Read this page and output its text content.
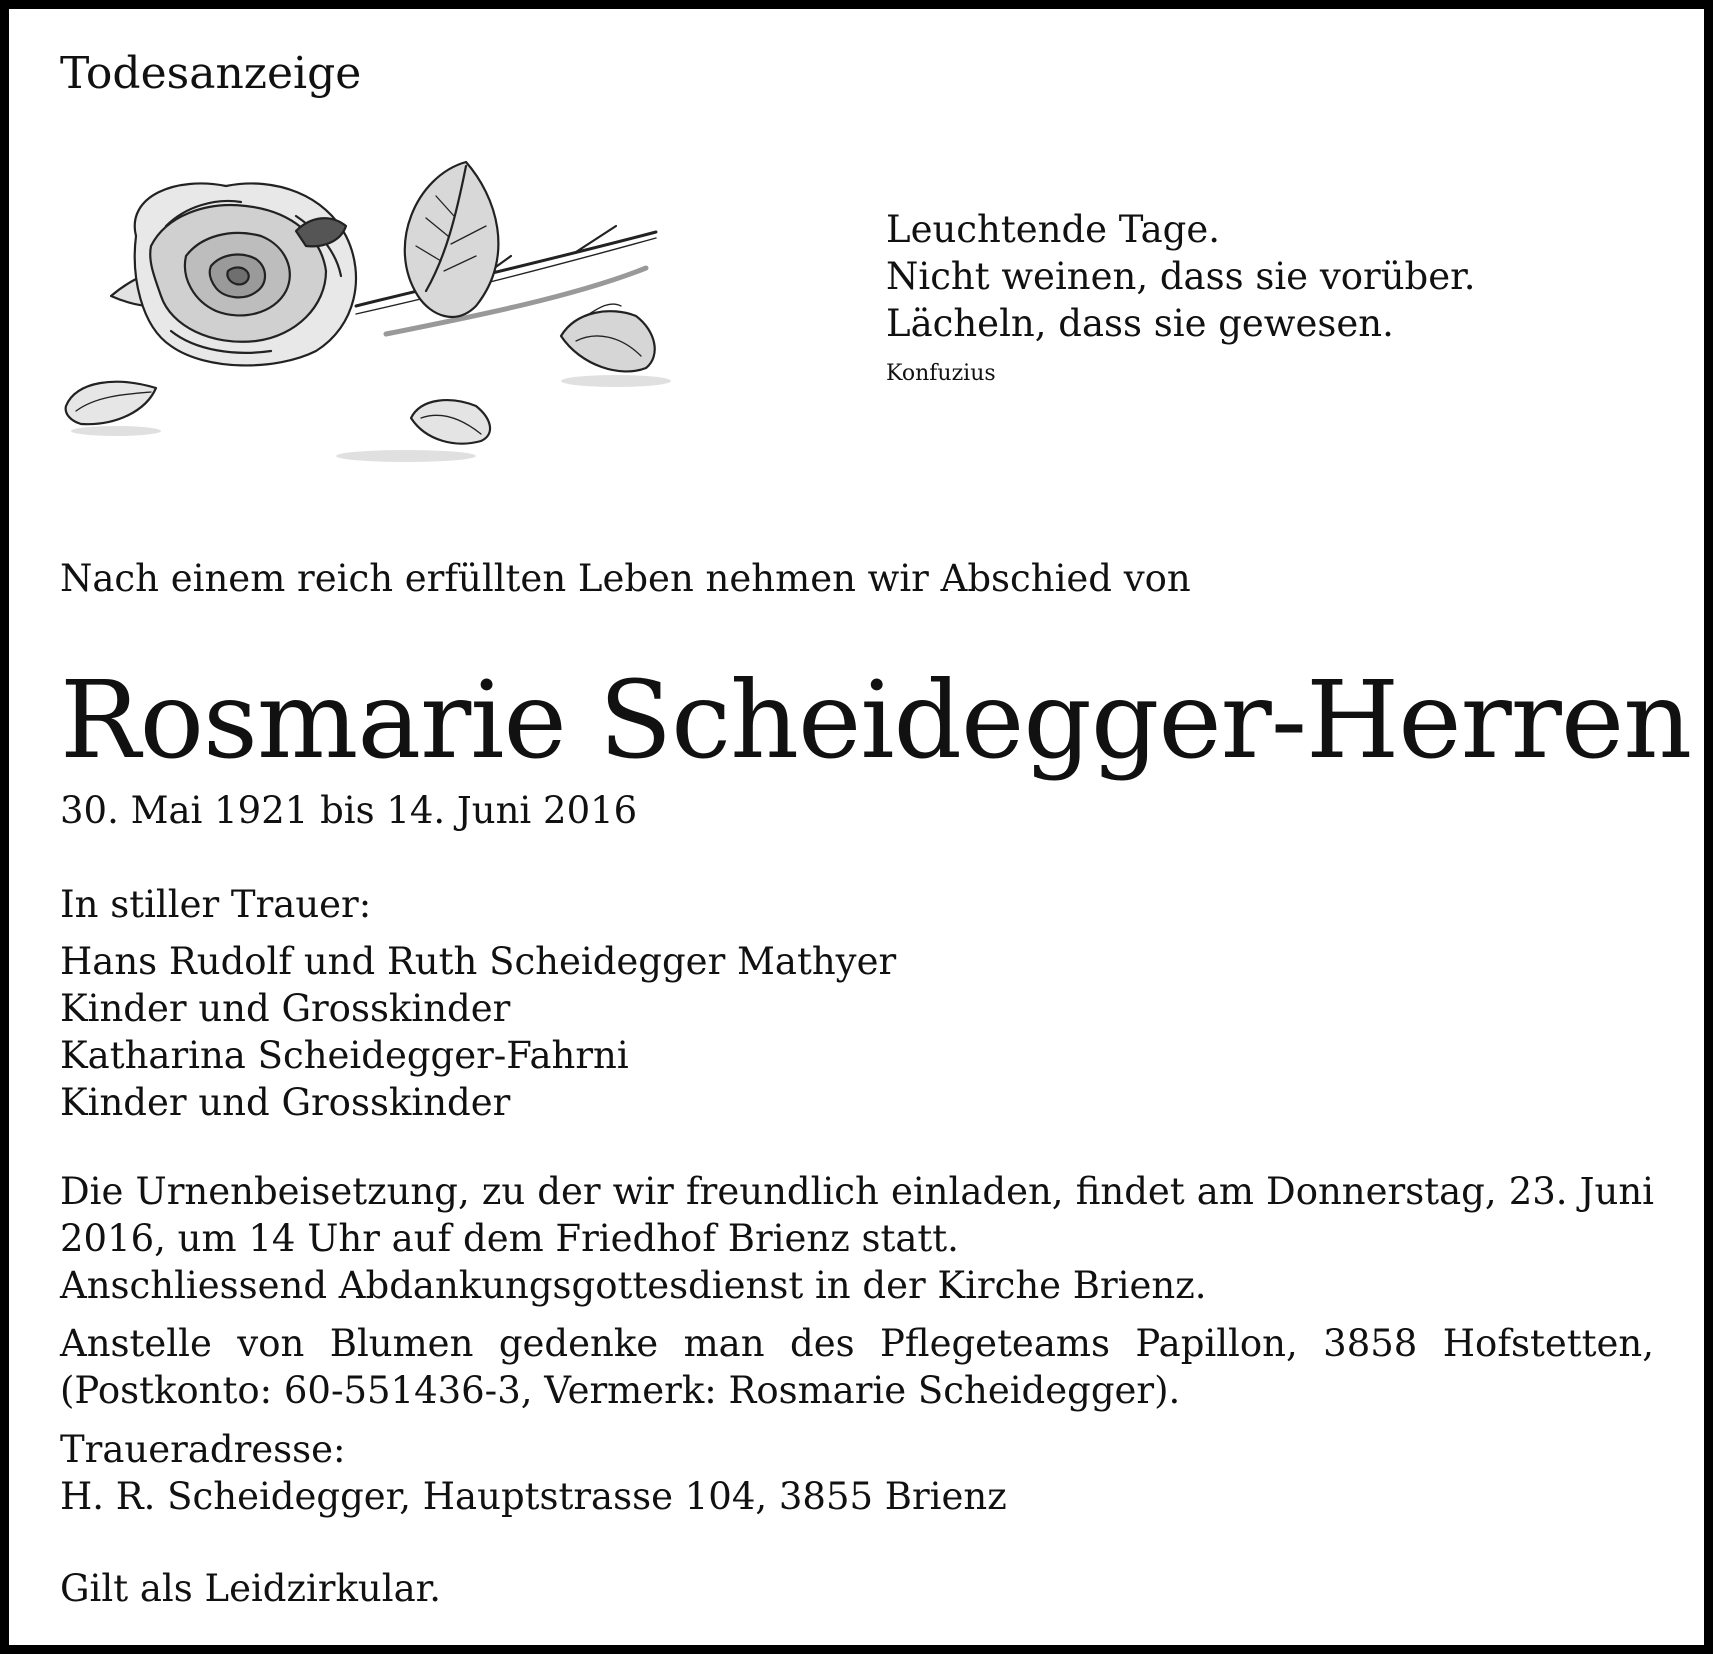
Todesanzeige
Leuchtende Tage.
Nicht weinen, dass sie vorüber.
Lächeln, dass sie gewesen.
Konfuzius
Nach einem reich erfüllten Leben nehmen wir Abschied von
Rosmarie Scheidegger-Herren
30. Mai 1921 bis 14. Juni 2016
In stiller Trauer:
Hans Rudolf und Ruth Scheidegger Mathyer
Kinder und Grosskinder
Katharina Scheidegger-Fahrni
Kinder und Grosskinder
Die Urnenbeisetzung, zu der wir freundlich einladen, findet am Donnerstag, 23. Juni
2016, um 14 Uhr auf dem Friedhof Brienz statt.
Anschliessend Abdankungsgottesdienst in der Kirche Brienz.
Anstelle von Blumen gedenke man des Pflegeteams Papillon, 3858 Hofstetten,
(Postkonto: 60-551436-3, Vermerk: Rosmarie Scheidegger).
Traueradresse:
H. R. Scheidegger, Hauptstrasse 104, 3855 Brienz
Gilt als Leidzirkular.
